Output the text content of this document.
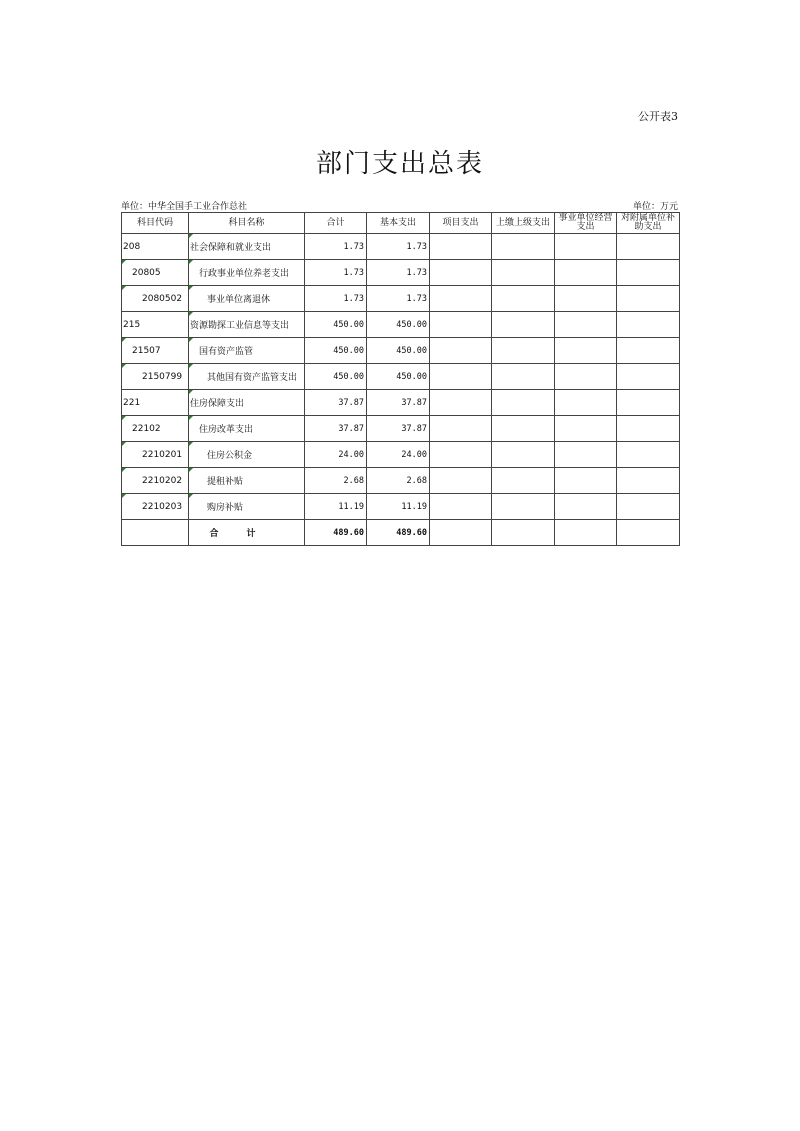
公开表3
部门支出总表
单位：中华全国手工业合作总社	单位：万元
科目代码	科目名称	合计	基本支出	项目支出	上缴上级支出	事业单位经营支出	对附属单位补助支出
208	社会保障和就业支出	1.73	1.73				
20805	行政事业单位养老支出	1.73	1.73				
2080502	事业单位离退休	1.73	1.73				
215	资源勘探工业信息等支出	450.00	450.00				
21507	国有资产监管	450.00	450.00				
2150799	其他国有资产监管支出	450.00	450.00				
221	住房保障支出	37.87	37.87				
22102	住房改革支出	37.87	37.87				
2210201	住房公积金	24.00	24.00				
2210202	提租补贴	2.68	2.68				
2210203	购房补贴	11.19	11.19				
	合计	489.60	489.60				
